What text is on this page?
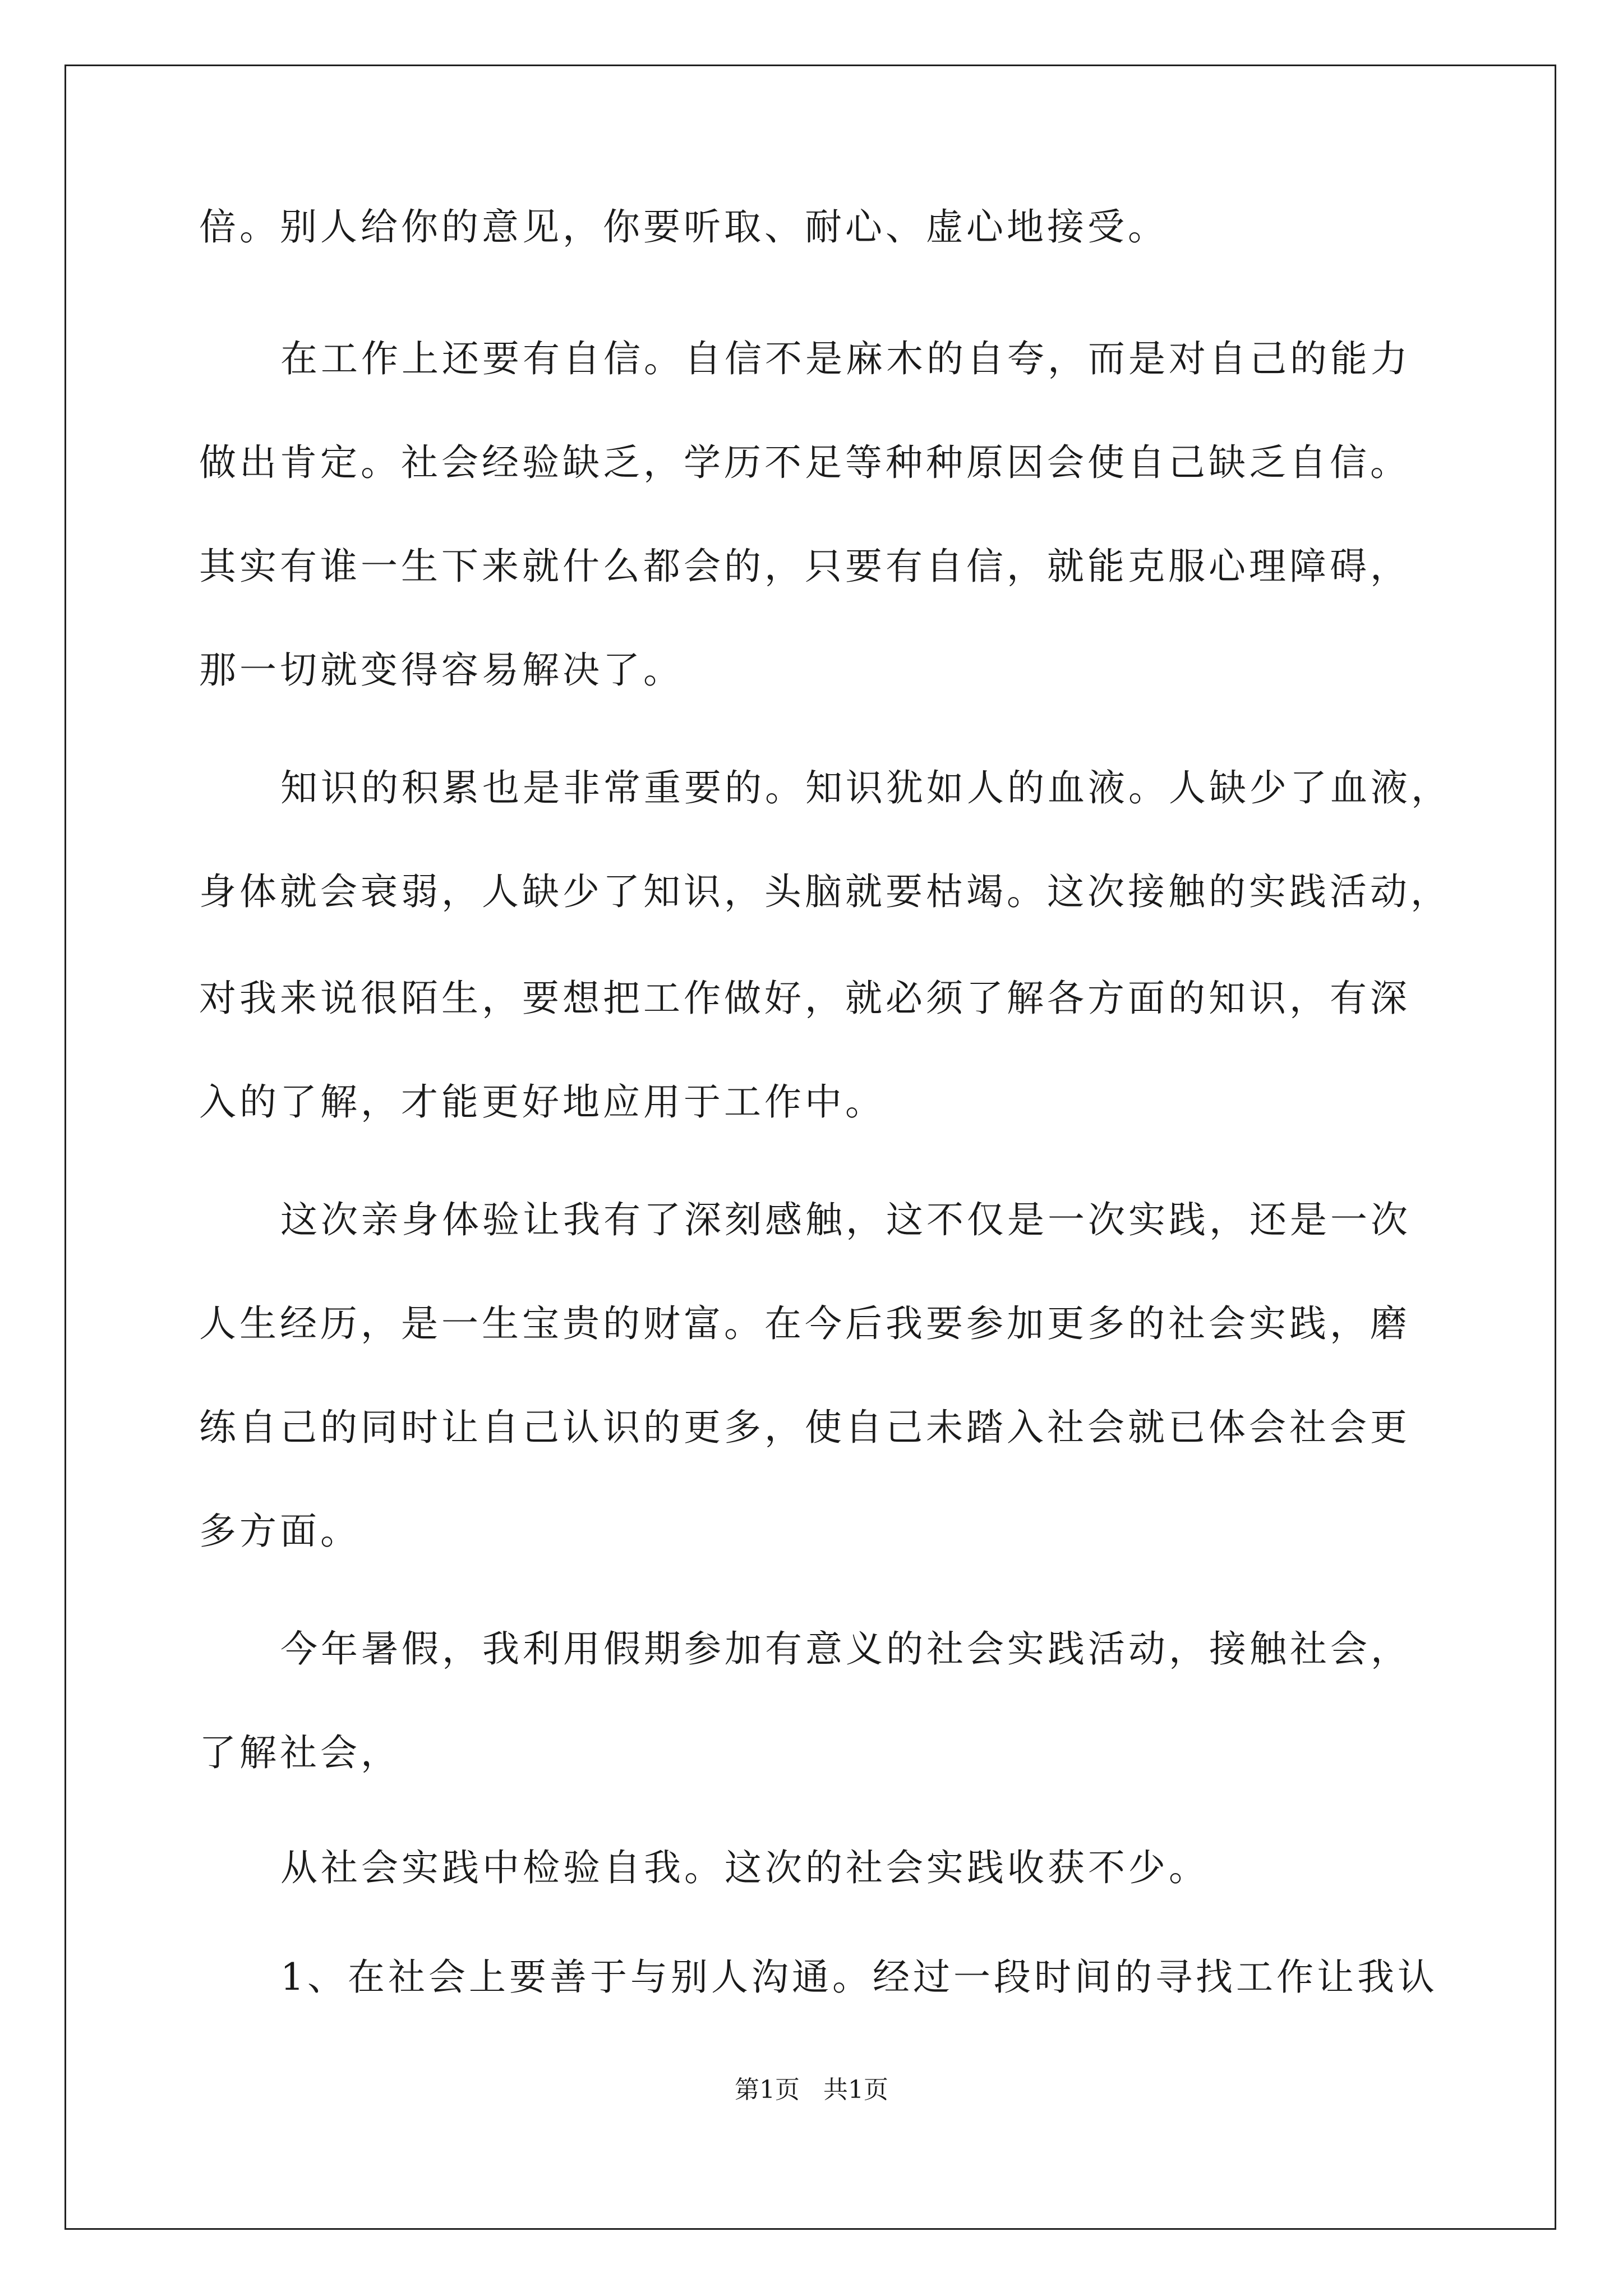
倍。别人给你的意见，你要听取、耐心、虚心地接受。
在工作上还要有自信。自信不是麻木的自夸，而是对自己的能力
做出肯定。社会经验缺乏，学历不足等种种原因会使自己缺乏自信。
其实有谁一生下来就什么都会的，只要有自信，就能克服心理障碍，
那一切就变得容易解决了。
知识的积累也是非常重要的。知识犹如人的血液。人缺少了血液，
身体就会衰弱，人缺少了知识，头脑就要枯竭。这次接触的实践活动，
对我来说很陌生，要想把工作做好，就必须了解各方面的知识，有深
入的了解，才能更好地应用于工作中。
这次亲身体验让我有了深刻感触，这不仅是一次实践，还是一次
人生经历，是一生宝贵的财富。在今后我要参加更多的社会实践，磨
练自己的同时让自己认识的更多，使自己未踏入社会就已体会社会更
多方面。
今年暑假，我利用假期参加有意义的社会实践活动，接触社会，
了解社会，
从社会实践中检验自我。这次的社会实践收获不少。
1、在社会上要善于与别人沟通。经过一段时间的寻找工作让我认
第1页   共1页
